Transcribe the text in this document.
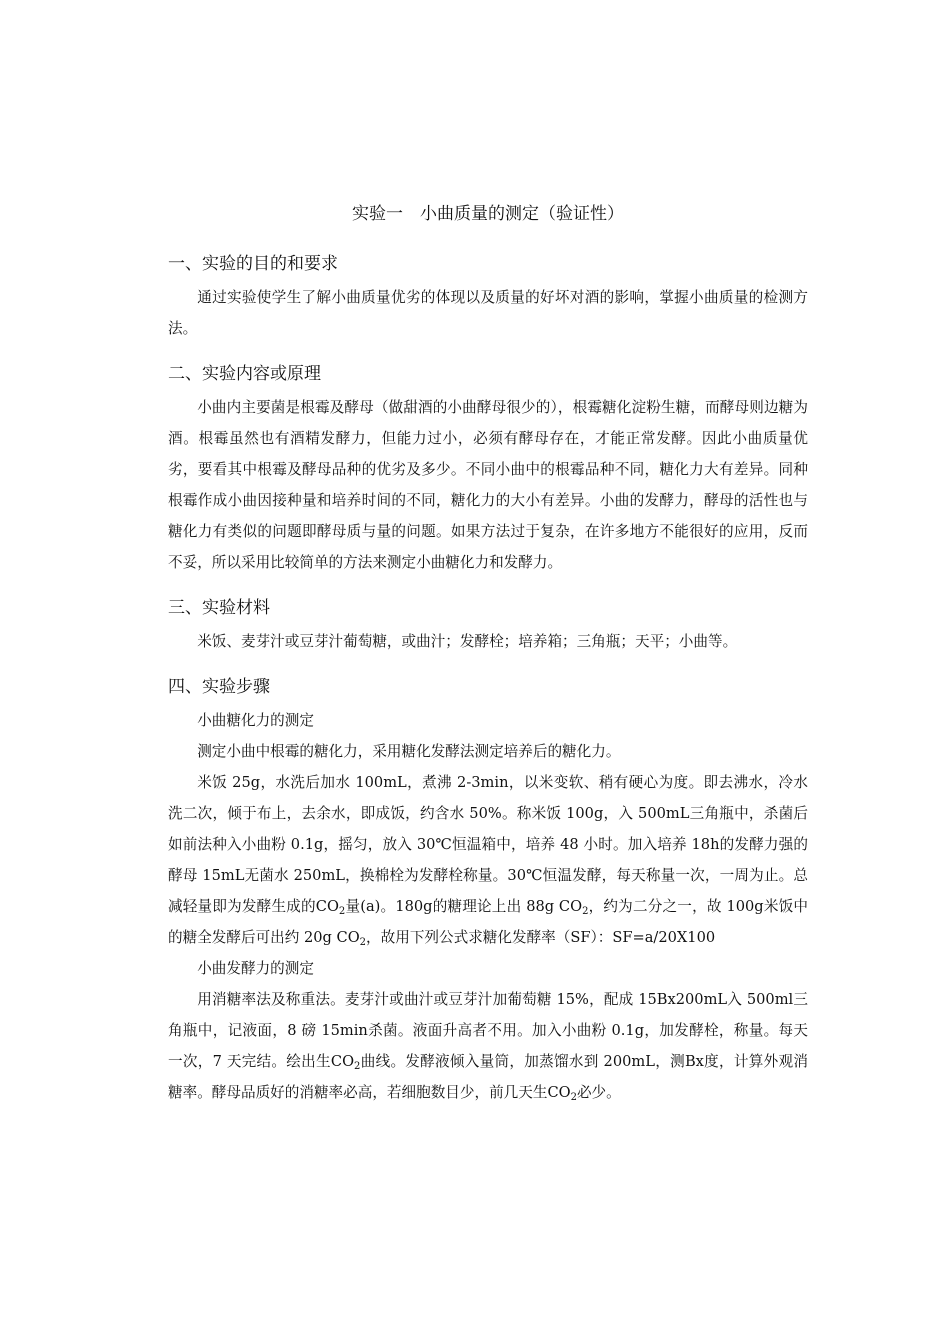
实验一　小曲质量的测定（验证性）
一、实验的目的和要求

通过实验使学生了解小曲质量优劣的体现以及质量的好坏对酒的影响，掌握小曲质量的检测方法。

二、实验内容或原理

小曲内主要菌是根霉及酵母（做甜酒的小曲酵母很少的），根霉糖化淀粉生糖，而酵母则边糖为酒。根霉虽然也有酒精发酵力，但能力过小，必须有酵母存在，才能正常发酵。因此小曲质量优劣，要看其中根霉及酵母品种的优劣及多少。不同小曲中的根霉品种不同，糖化力大有差异。同种根霉作成小曲因接种量和培养时间的不同，糖化力的大小有差异。小曲的发酵力，酵母的活性也与糖化力有类似的问题即酵母质与量的问题。如果方法过于复杂，在许多地方不能很好的应用，反而不妥，所以采用比较简单的方法来测定小曲糖化力和发酵力。

三、实验材料

米饭、麦芽汁或豆芽汁葡萄糖，或曲汁；发酵栓；培养箱；三角瓶；天平；小曲等。

四、实验步骤

小曲糖化力的测定

测定小曲中根霉的糖化力，采用糖化发酵法测定培养后的糖化力。

米饭 25g，水洗后加水 100mL，煮沸 2-3min，以米变软、稍有硬心为度。即去沸水，冷水洗二次，倾于布上，去余水，即成饭，约含水 50%。称米饭 100g，入 500mL三角瓶中，杀菌后如前法种入小曲粉 0.1g，摇匀，放入 30℃恒温箱中，培养 48 小时。加入培养 18h的发酵力强的酵母 15mL无菌水 250mL，换棉栓为发酵栓称量。30℃恒温发酵，每天称量一次，一周为止。总减轻量即为发酵生成的$CO_2$量(a)。180g的糖理论上出 88g $CO_2$，约为二分之一，故 100g米饭中的糖全发酵后可出约 20g $CO_2$，故用下列公式求糖化发酵率（SF）：SF=a/20X100

小曲发酵力的测定

用消糖率法及称重法。麦芽汁或曲汁或豆芽汁加葡萄糖 15%，配成 15Bx200mL入 500ml三角瓶中，记液面，8 磅 15min杀菌。液面升高者不用。加入小曲粉 0.1g，加发酵栓，称量。每天一次，7 天完结。绘出生$CO_2$曲线。发酵液倾入量筒，加蒸馏水到 200mL，测Bx度，计算外观消糖率。酵母品质好的消糖率必高，若细胞数目少，前几天生$CO_2$必少。
